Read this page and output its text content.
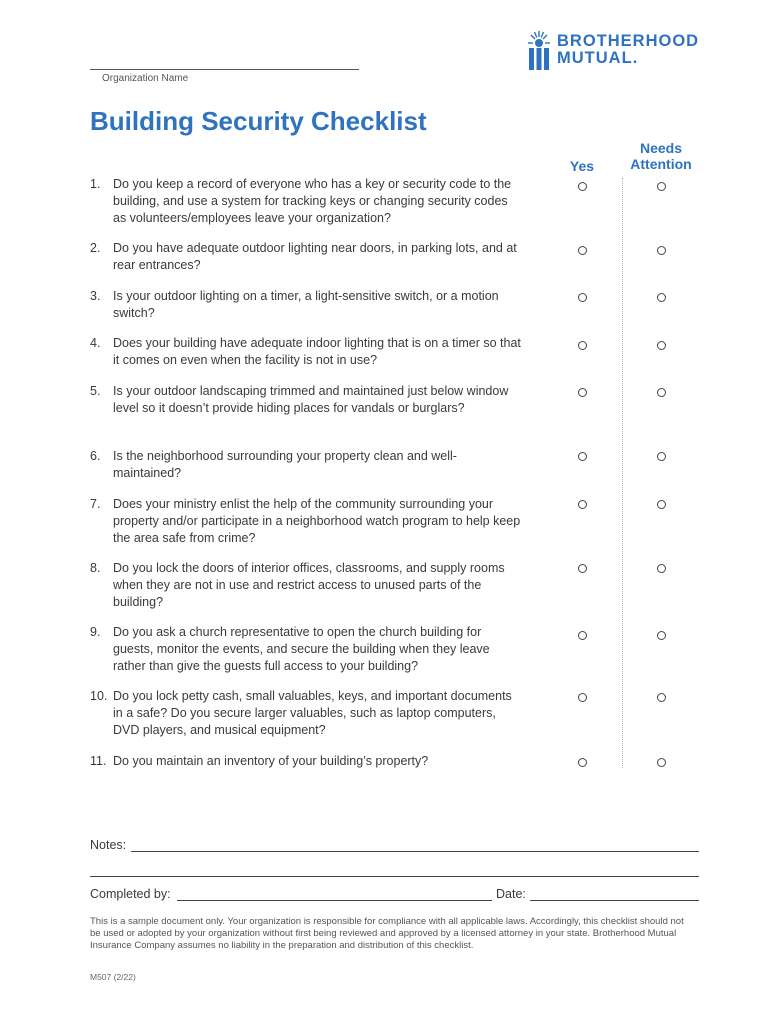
Organization Name
BROTHERHOOD
MUTUAL.
Building Security Checklist
Yes
Needs Attention
1. Do you keep a record of everyone who has a key or security code to the building, and use a system for tracking keys or changing security codes as volunteers/employees leave your organization?
2. Do you have adequate outdoor lighting near doors, in parking lots, and at rear entrances?
3. Is your outdoor lighting on a timer, a light-sensitive switch, or a motion switch?
4. Does your building have adequate indoor lighting that is on a timer so that it comes on even when the facility is not in use?
5. Is your outdoor landscaping trimmed and maintained just below window level so it doesn’t provide hiding places for vandals or burglars?
6. Is the neighborhood surrounding your property clean and well-maintained?
7. Does your ministry enlist the help of the community surrounding your property and/or participate in a neighborhood watch program to help keep the area safe from crime?
8. Do you lock the doors of interior offices, classrooms, and supply rooms when they are not in use and restrict access to unused parts of the building?
9. Do you ask a church representative to open the church building for guests, monitor the events, and secure the building when they leave rather than give the guests full access to your building?
10. Do you lock petty cash, small valuables, keys, and important documents in a safe? Do you secure larger valuables, such as laptop computers, DVD players, and musical equipment?
11. Do you maintain an inventory of your building’s property?
Notes:
Completed by:	Date:
This is a sample document only. Your organization is responsible for compliance with all applicable laws. Accordingly, this checklist should not be used or adopted by your organization without first being reviewed and approved by a licensed attorney in your state. Brotherhood Mutual Insurance Company assumes no liability in the preparation and distribution of this checklist.
M507 (2/22)
